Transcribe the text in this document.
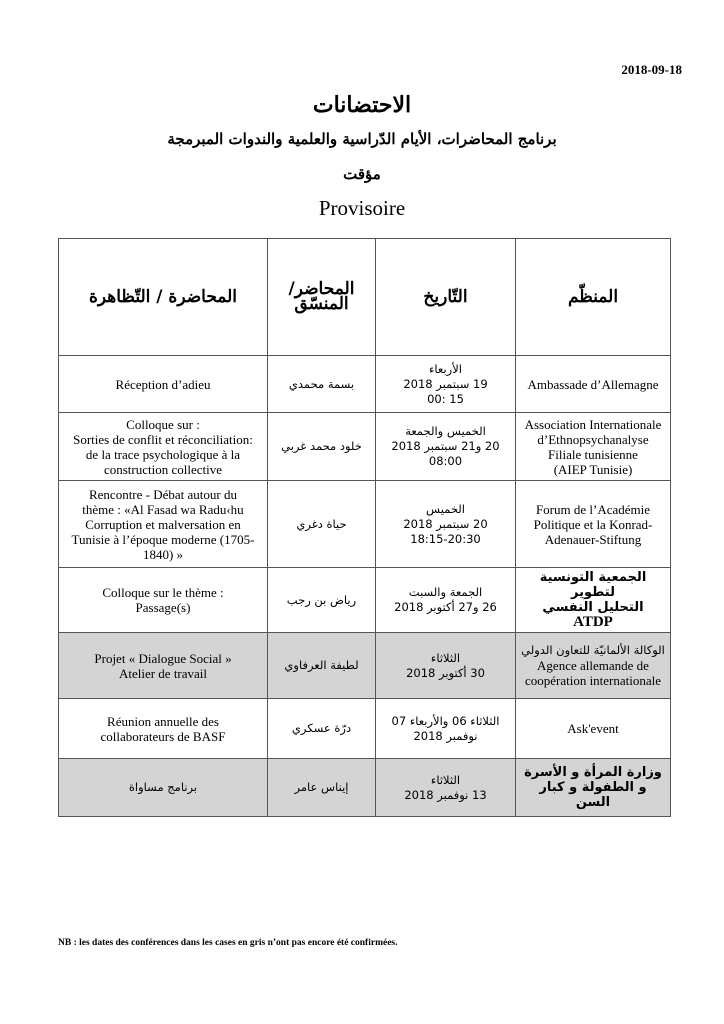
2018-09-18
الاحتضانات
برنامج المحاضرات، الأيام الدّراسية والعلمية والندوات المبرمجة
مؤقت
Provisoire
المحاضرة / التّظاهرة	المحاضر/ المنسّق	التّاريخ	المنظّم

Réception d’adieu	بسمة محمدي	الأربعاء
19 سبتمبر 2018
15 :00	Ambassade d’Allemagne

Colloque sur :
Sorties de conflit et réconciliation:
de la trace psychologique à la
construction collective	خلود محمد غربي	الخميس والجمعة
20 و21 سبتمبر 2018
08:00	Association Internationale
d’Ethnopsychanalyse
Filiale tunisienne
(AIEP Tunisie)

Rencontre - Débat autour du
thème : «Al Fasad wa Radu‹hu
Corruption et malversation en
Tunisie à l’époque moderne (1705-
1840) »	حياة دغري	الخميس
20 سبتمبر 2018
18:15-20:30	Forum de l’Académie
Politique et la Konrad-
Adenauer-Stiftung

Colloque sur le thème :
Passage(s)	رياض بن رجب	الجمعة والسبت
26 و27 أكتوبر 2018	الجمعية التونسية لتطوير
التحليل النفسي
ATDP

Projet « Dialogue Social »
Atelier de travail	لطيفة العرفاوي	الثلاثاء
30 أكتوبر 2018	الوكالة الألمانيّة للتعاون الدولي
Agence allemande de
coopération internationale

Réunion annuelle des
collaborateurs de BASF	درّة عسكري	الثلاثاء 06 والأربعاء 07
نوفمبر 2018	Ask'event

برنامج مساواة	إيناس عامر	الثلاثاء
13 نوفمبر 2018	وزارة المرأة و الأسرة
و الطفولة و كبار السن
NB : les dates des conférences dans les cases en gris n’ont pas encore été confirmées.
